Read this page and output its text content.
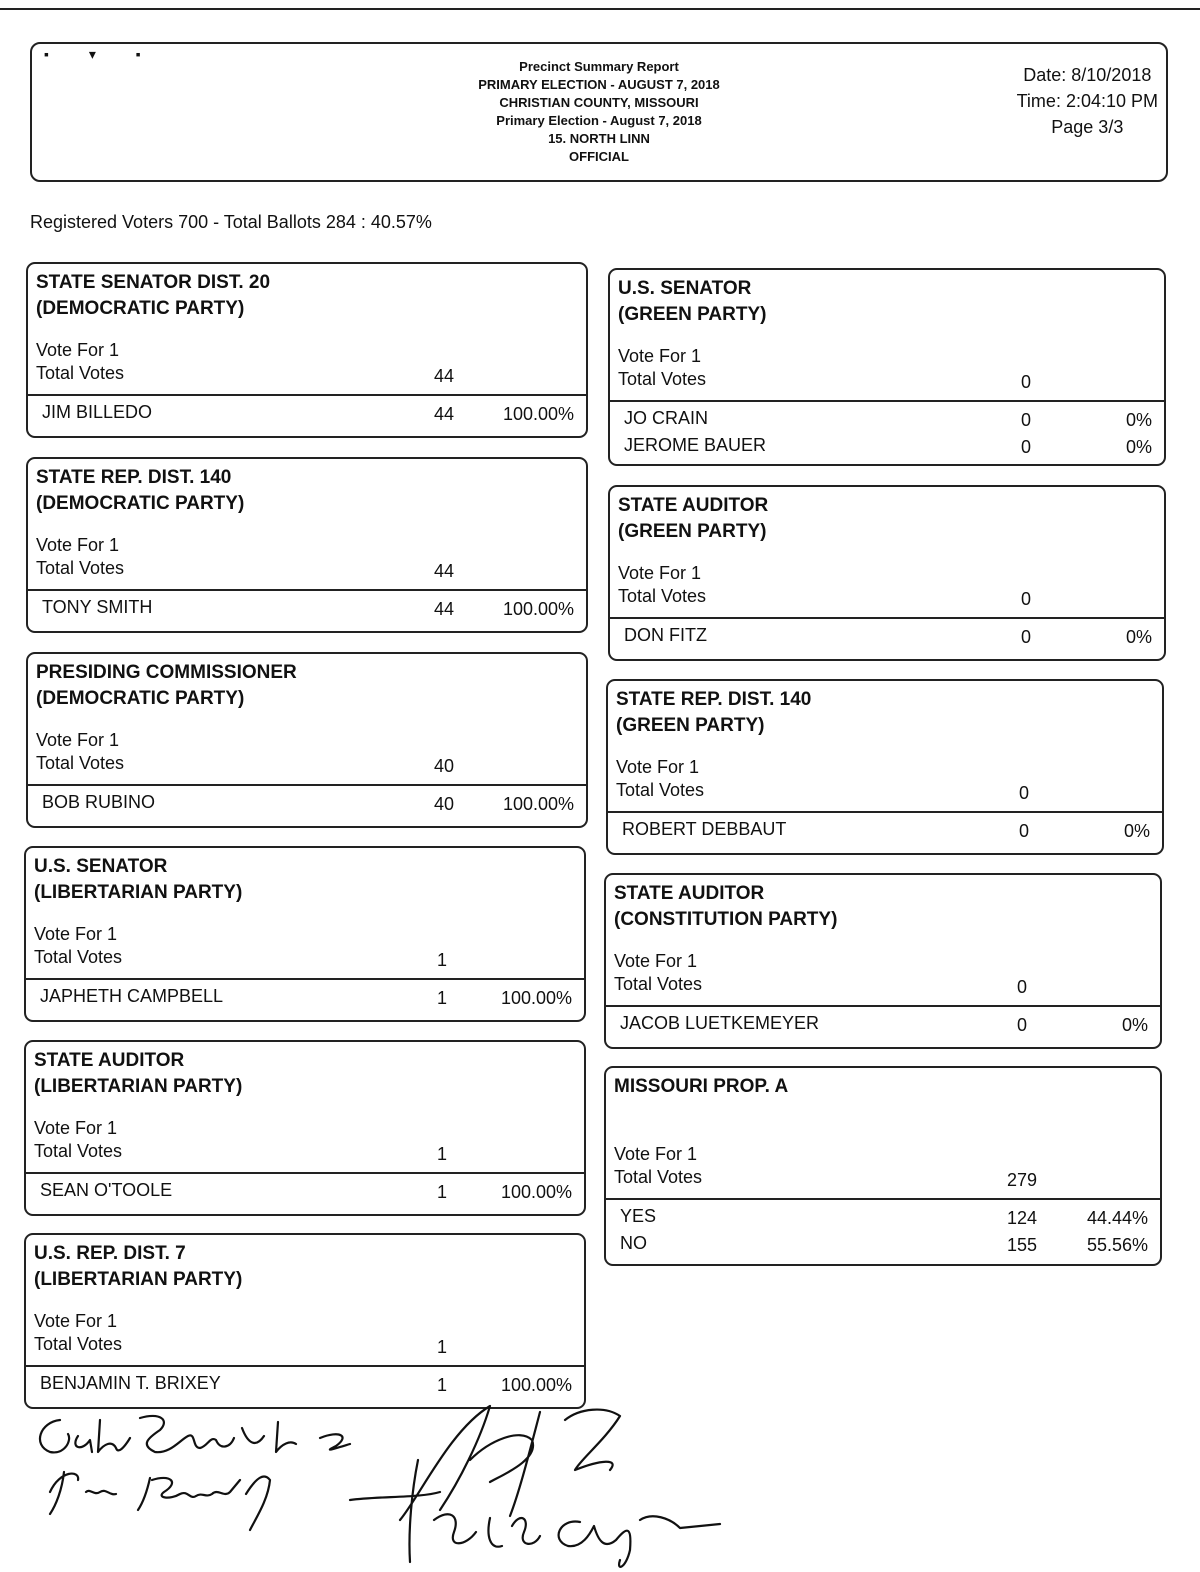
▪ ▾ ▪
Precinct Summary Report
PRIMARY ELECTION - AUGUST 7, 2018
CHRISTIAN COUNTY, MISSOURI
Primary Election - August 7, 2018
15. NORTH LINN
OFFICIAL
Date: 8/10/2018
Time: 2:04:10 PM
Page 3/3
Registered Voters 700 - Total Ballots 284 : 40.57%
STATE SENATOR DIST. 20
(DEMOCRATIC PARTY)
Vote For 1
Total Votes	44
JIM BILLEDO	44	100.00%
STATE REP. DIST. 140
(DEMOCRATIC PARTY)
Vote For 1
Total Votes	44
TONY SMITH	44	100.00%
PRESIDING COMMISSIONER
(DEMOCRATIC PARTY)
Vote For 1
Total Votes	40
BOB RUBINO	40	100.00%
U.S. SENATOR
(LIBERTARIAN PARTY)
Vote For 1
Total Votes	1
JAPHETH CAMPBELL	1	100.00%
STATE AUDITOR
(LIBERTARIAN PARTY)
Vote For 1
Total Votes	1
SEAN O'TOOLE	1	100.00%
U.S. REP. DIST. 7
(LIBERTARIAN PARTY)
Vote For 1
Total Votes	1
BENJAMIN T. BRIXEY	1	100.00%
U.S. SENATOR
(GREEN PARTY)
Vote For 1
Total Votes	0
JO CRAIN	0	0%
JEROME BAUER	0	0%
STATE AUDITOR
(GREEN PARTY)
Vote For 1
Total Votes	0
DON FITZ	0	0%
STATE REP. DIST. 140
(GREEN PARTY)
Vote For 1
Total Votes	0
ROBERT DEBBAUT	0	0%
STATE AUDITOR
(CONSTITUTION PARTY)
Vote For 1
Total Votes	0
JACOB LUETKEMEYER	0	0%
MISSOURI PROP. A
Vote For 1
Total Votes	279
YES	124	44.44%
NO	155	55.56%
